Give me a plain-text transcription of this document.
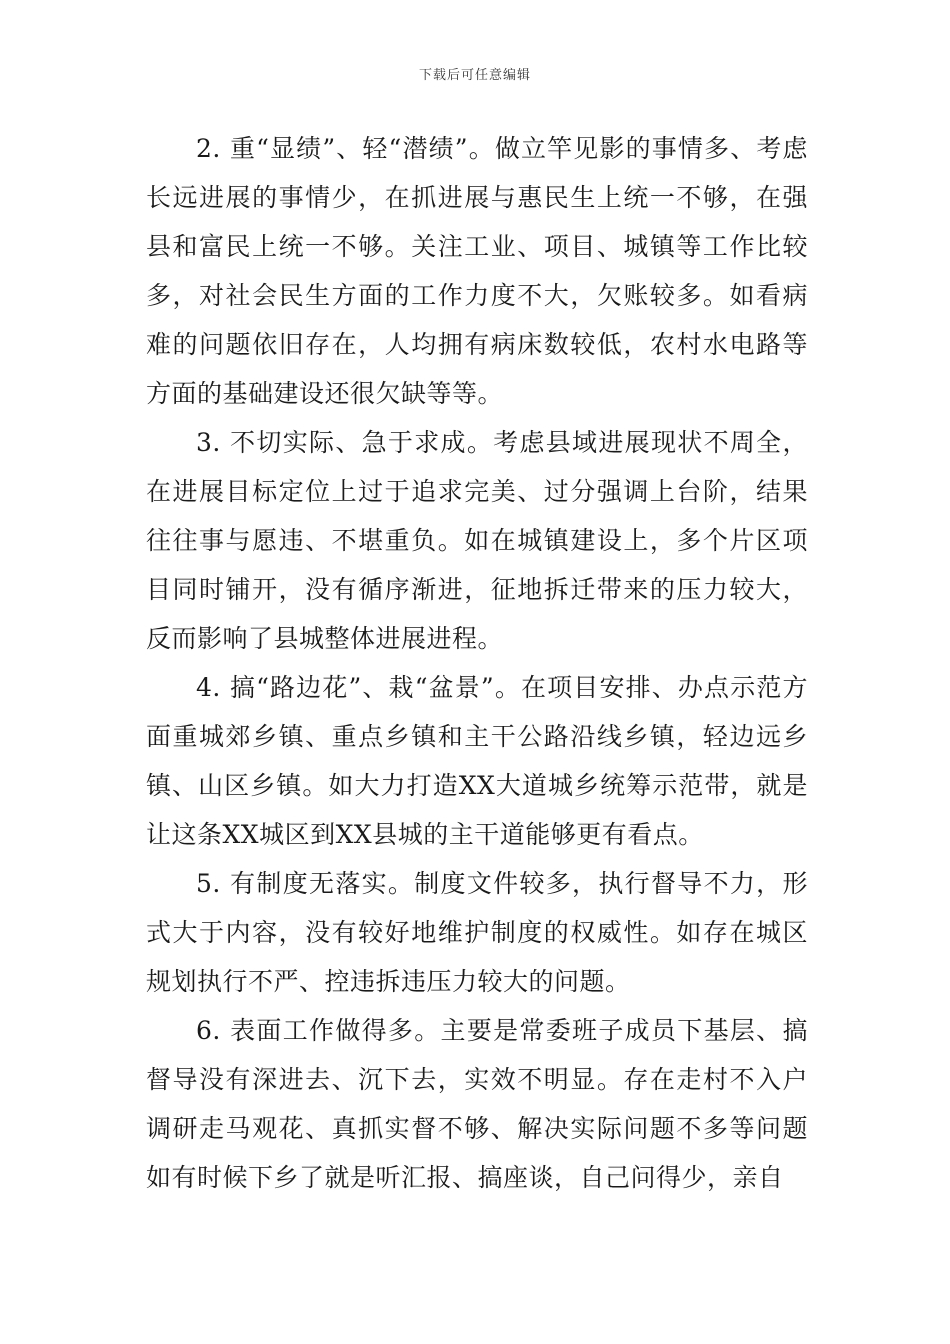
下载后可任意编辑

2. 重“显绩”、轻“潜绩”。做立竿见影的事情多、考虑长远进展的事情少，在抓进展与惠民生上统一不够，在强县和富民上统一不够。关注工业、项目、城镇等工作比较多，对社会民生方面的工作力度不大，欠账较多。如看病难的问题依旧存在，人均拥有病床数较低，农村水电路等方面的基础建设还很欠缺等等。

3. 不切实际、急于求成。考虑县域进展现状不周全，在进展目标定位上过于追求完美、过分强调上台阶，结果往往事与愿违、不堪重负。如在城镇建设上，多个片区项目同时铺开，没有循序渐进，征地拆迁带来的压力较大，反而影响了县城整体进展进程。

4. 搞“路边花”、栽“盆景”。在项目安排、办点示范方面重城郊乡镇、重点乡镇和主干公路沿线乡镇，轻边远乡镇、山区乡镇。如大力打造XX大道城乡统筹示范带，就是让这条XX城区到XX县城的主干道能够更有看点。

5. 有制度无落实。制度文件较多，执行督导不力，形式大于内容，没有较好地维护制度的权威性。如存在城区规划执行不严、控违拆违压力较大的问题。

6. 表面工作做得多。主要是常委班子成员下基层、搞督导没有深进去、沉下去，实效不明显。存在走村不入户调研走马观花、真抓实督不够、解决实际问题不多等问题如有时候下乡了就是听汇报、搞座谈，自己问得少，亲自
